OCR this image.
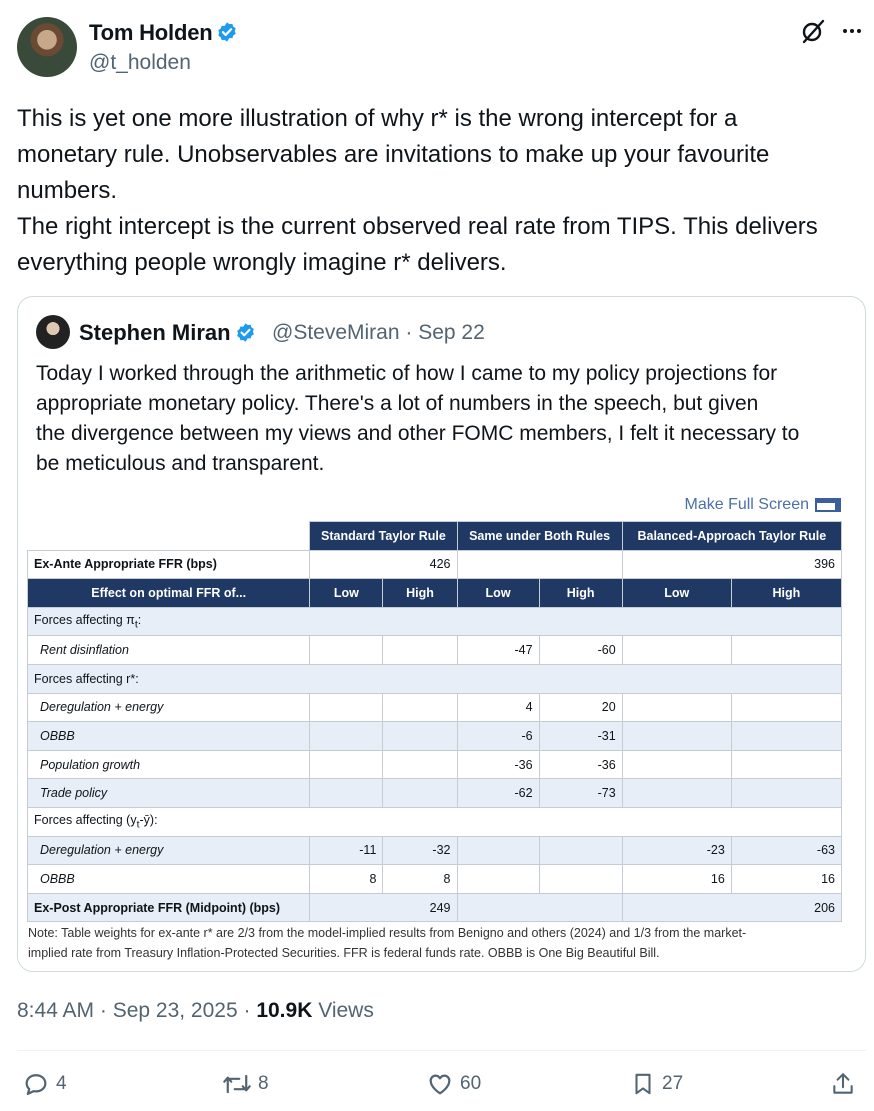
Tom Holden
@t_holden

This is yet one more illustration of why r* is the wrong intercept for a

monetary rule. Unobservables are invitations to make up your favourite

numbers.

The right intercept is the current observed real rate from TIPS. This delivers

everything people wrongly imagine r* delivers.

Stephen Miran	@SteveMiran · Sep 22

Today I worked through the arithmetic of how I came to my policy projections for

appropriate monetary policy. There's a lot of numbers in the speech, but given

the divergence between my views and other FOMC members, I felt it necessary to

be meticulous and transparent.

Make Full Screen
	Standard Taylor Rule		Same under Both Rules		Balanced-Approach Taylor Rule	
Ex-Ante Appropriate FFR (bps)	426				396	
Effect on optimal FFR of...	Low	High	Low	High	Low	High
Forces affecting $\pi_t$:						
Rent disinflation			-47	-60		
Forces affecting r*:						
Deregulation + energy			4	20		
OBBB			-6	-31		
Population growth			-36	-36		
Trade policy			-62	-73		
Forces affecting $(y_t-ȳ)$:						
Deregulation + energy	-11	-32			-23	-63
OBBB	8	8			16	16
Ex-Post Appropriate FFR (Midpoint) (bps)	249				206	
Note: Table weights for ex-ante r* are 2/3 from the model-implied results from Benigno and others (2024) and 1/3 from the market-
implied rate from Treasury Inflation-Protected Securities. FFR is federal funds rate. OBBB is One Big Beautiful Bill.
8:44 AM · Sep 23, 2025 · 10.9K Views
4	8	60	27
